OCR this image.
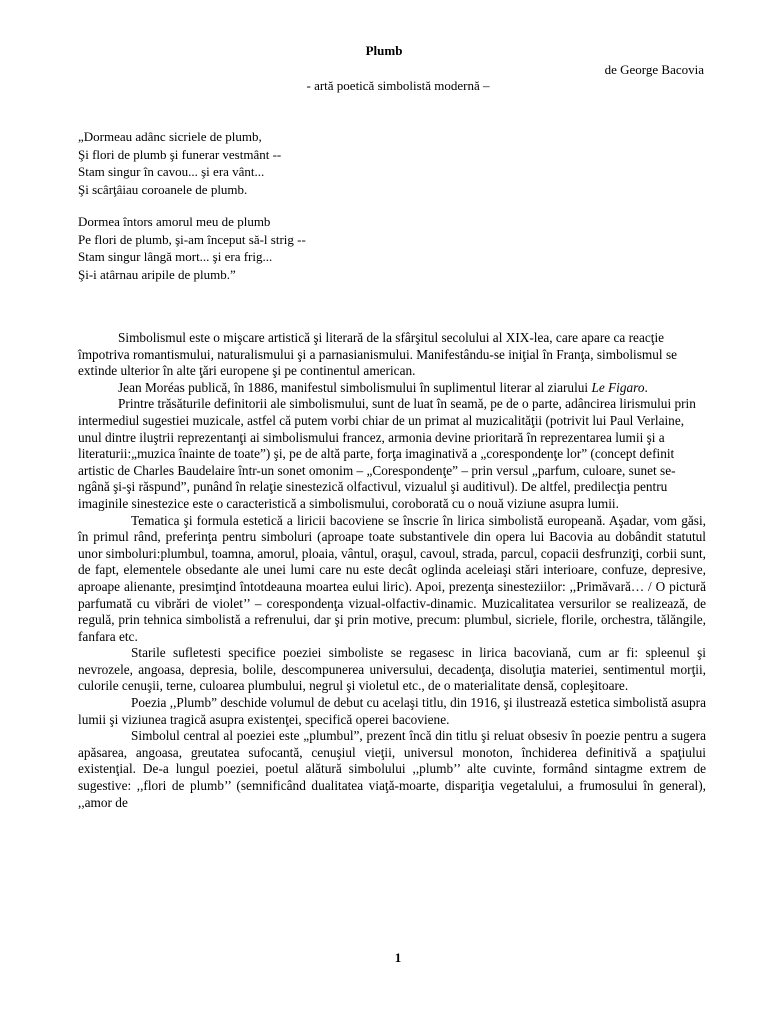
Plumb
de George Bacovia
- artă poetică simbolistă modernă –
„Dormeau adânc sicriele de plumb,
Şi flori de plumb şi funerar vestmânt --
Stam singur în cavou... şi era vânt...
Şi scârţâiau coroanele de plumb.
Dormea întors amorul meu de plumb
Pe flori de plumb, şi-am început să-l strig --
Stam singur lângă mort... şi era frig...
Şi-i atârnau aripile de plumb.”

Simbolismul este o mişcare artistică şi literară de la sfârşitul secolului al XIX-lea, care apare ca reacţie împotriva romantismului, naturalismului şi a parnasianismului. Manifestându-se iniţial în Franţa, simbolismul se extinde ulterior în alte ţări europene şi pe continentul american.

Jean Moréas publică, în 1886, manifestul simbolismului în suplimentul literar al ziarului Le Figaro.

Printre trăsăturile definitorii ale simbolismului, sunt de luat în seamă, pe de o parte, adâncirea lirismului prin intermediul sugestiei muzicale, astfel că putem vorbi chiar de un primat al muzicalităţii (potrivit lui Paul Verlaine, unul dintre iluştrii reprezentanţi ai simbolismului francez, armonia devine prioritară în reprezentarea lumii şi a literaturii:„muzica înainte de toate”) şi, pe de altă parte, forţa imaginativă a „corespondenţe lor” (concept definit artistic de Charles Baudelaire într-un sonet omonim – „Corespondenţe” – prin versul „parfum, culoare, sunet se-ngână şi-şi răspund”, punând în relaţie sinestezică olfactivul, vizualul şi auditivul). De altfel, predilecţia pentru imaginile sinestezice este o caracteristică a simbolismului, coroborată cu o nouă viziune asupra lumii.

Tematica şi formula estetică a liricii bacoviene se înscrie în lirica simbolistă europeană. Aşadar, vom găsi, în primul rând, preferinţa pentru simboluri (aproape toate substantivele din opera lui Bacovia au dobândit statutul unor simboluri:plumbul, toamna, amorul, ploaia, vântul, oraşul, cavoul, strada, parcul, copacii desfrunziţi, corbii sunt, de fapt, elementele obsedante ale unei lumi care nu este decât oglinda aceleiaşi stări interioare, confuze, depresive, aproape alienante, presimţind întotdeauna moartea eului liric). Apoi, prezenţa sinesteziilor: ,,Primăvară… / O pictură parfumată cu vibrări de violet’’ – corespondenţa vizual-olfactiv-dinamic. Muzicalitatea versurilor se realizează, de regulă, prin tehnica simbolistă a refrenului, dar şi prin motive, precum: plumbul, sicriele, florile, orchestra, tălăngile, fanfara etc.

Starile sufletesti specifice poeziei simboliste se regasesc in lirica bacoviană, cum ar fi: spleenul şi nevrozele, angoasa, depresia, bolile, descompunerea universului, decadenţa, disoluţia materiei, sentimentul morţii, culorile cenuşii, terne, culoarea plumbului, negrul şi violetul etc., de o materialitate densă, copleşitoare.

Poezia ,,Plumb” deschide volumul de debut cu acelaşi titlu, din 1916, şi ilustrează estetica simbolistă asupra lumii şi viziunea tragică asupra existenţei, specifică operei bacoviene.

Simbolul central al poeziei este „plumbul”, prezent încă din titlu şi reluat obsesiv în poezie pentru a sugera apăsarea, angoasa, greutatea sufocantă, cenuşiul vieţii, universul monoton, închiderea definitivă a spaţiului existenţial. De-a lungul poeziei, poetul alătură simbolului ,,plumb’’ alte cuvinte, formând sintagme extrem de sugestive: ,,flori de plumb’’ (semnificând dualitatea viaţă-moarte, dispariţia vegetalului, a frumosului în general), ,,amor de

1
